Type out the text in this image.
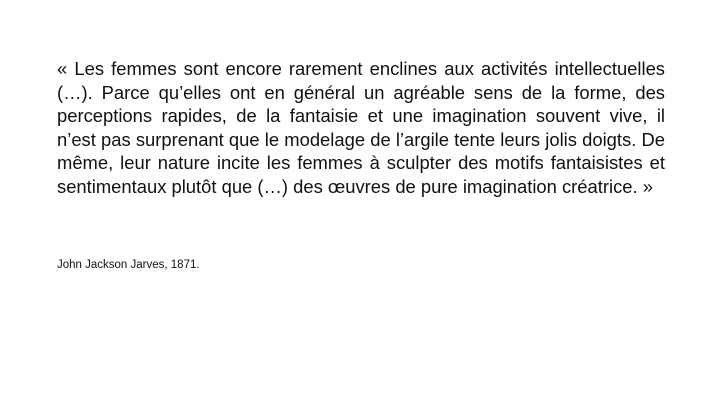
« Les femmes sont encore rarement enclines aux activités intellectuelles (…). Parce qu’elles ont en général un agréable sens de la forme, des perceptions rapides, de la fantaisie et une imagination souvent vive, il n’est pas surprenant que le modelage de l’argile tente leurs jolis doigts. De même, leur nature incite les femmes à sculpter des motifs fantaisistes et sentimentaux plutôt que (…) des œuvres de pure imagination créatrice. »

John Jackson Jarves, 1871.
